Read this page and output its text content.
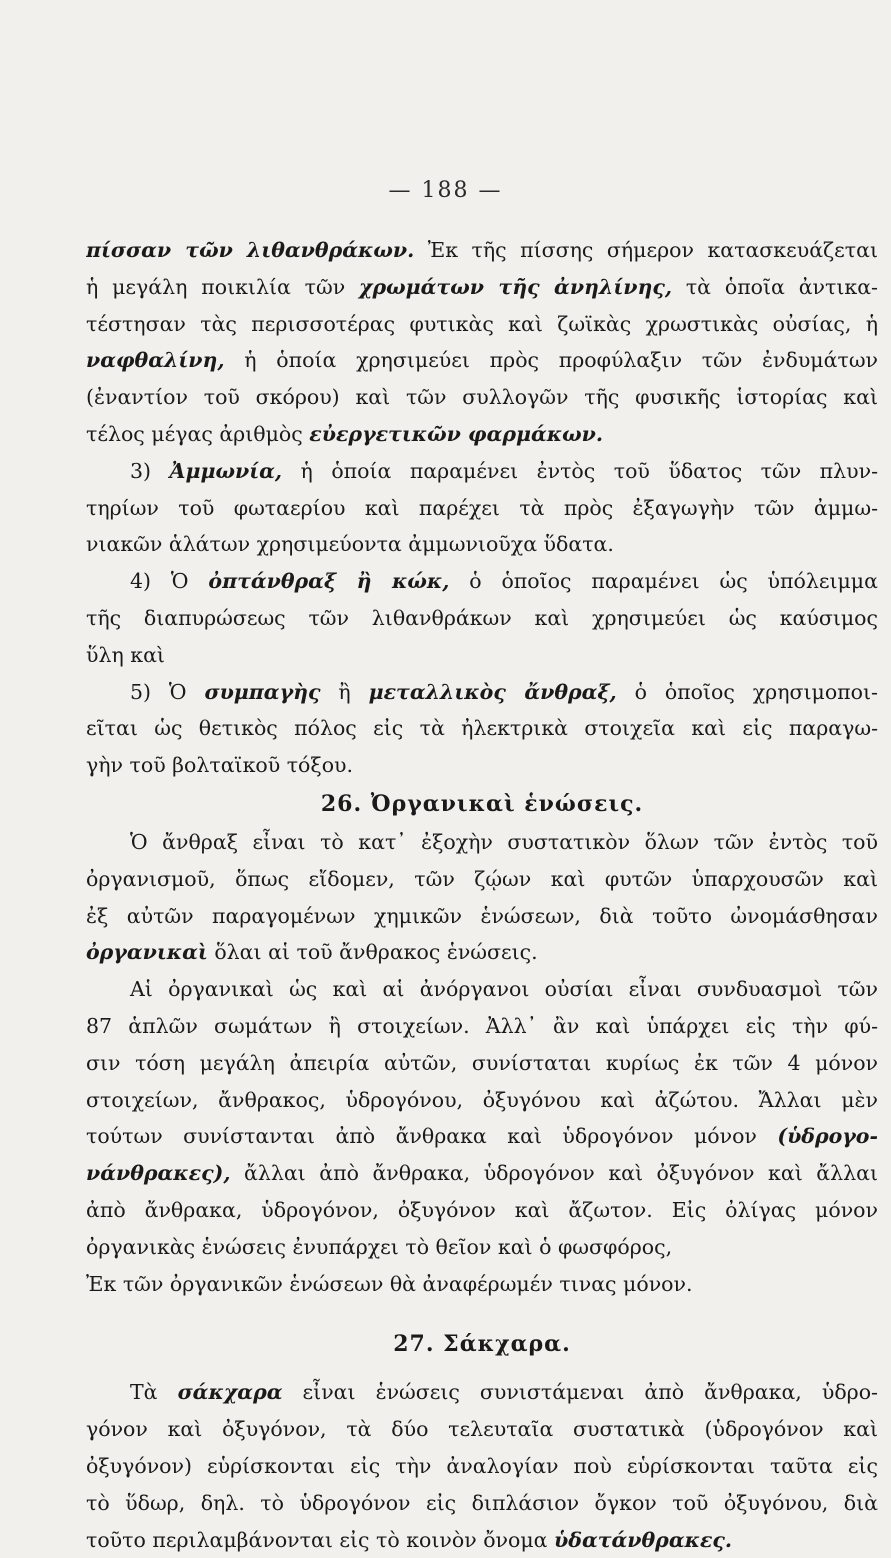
— 188 —
πίσσαν τῶν λιθανθράκων. Ἐκ τῆς πίσσης σήμερον κατασκευάζεται
ἡ μεγάλη ποικιλία τῶν χρωμάτων τῆς ἀνηλίνης, τὰ ὁποῖα ἀντικα-
τέστησαν τὰς περισσοτέρας φυτικὰς καὶ ζωϊκὰς χρωστικὰς οὐσίας, ἡ
ναφθαλίνη, ἡ ὁποία χρησιμεύει πρὸς προφύλαξιν τῶν ἐνδυμάτων
(ἐναντίον τοῦ σκόρου) καὶ τῶν συλλογῶν τῆς φυσικῆς ἱστορίας καὶ
τέλος μέγας ἀριθμὸς εὐεργετικῶν φαρμάκων.
3) Ἀμμωνία, ἡ ὁποία παραμένει ἐντὸς τοῦ ὕδατος τῶν πλυν-
τηρίων τοῦ φωταερίου καὶ παρέχει τὰ πρὸς ἐξαγωγὴν τῶν ἀμμω-
νιακῶν ἁλάτων χρησιμεύοντα ἀμμωνιοῦχα ὕδατα.
4) Ὁ ὀπτάνθραξ ἢ κώκ, ὁ ὁποῖος παραμένει ὡς ὑπόλειμμα
τῆς διαπυρώσεως τῶν λιθανθράκων καὶ χρησιμεύει ὡς καύσιμος
ὕλη καὶ
5) Ὁ συμπαγὴς ἢ μεταλλικὸς ἄνθραξ, ὁ ὁποῖος χρησιμοποι-
εῖται ὡς θετικὸς πόλος εἰς τὰ ἠλεκτρικὰ στοιχεῖα καὶ εἰς παραγω-
γὴν τοῦ βολταϊκοῦ τόξου.
26. Ὀργανικαὶ ἑνώσεις.
Ὁ ἄνθραξ εἶναι τὸ κατ᾿ ἐξοχὴν συστατικὸν ὅλων τῶν ἐντὸς τοῦ
ὀργανισμοῦ, ὅπως εἴδομεν, τῶν ζῴων καὶ φυτῶν ὑπαρχουσῶν καὶ
ἐξ αὐτῶν παραγομένων χημικῶν ἑνώσεων, διὰ τοῦτο ὠνομάσθησαν
ὀργανικαὶ ὅλαι αἱ τοῦ ἄνθρακος ἑνώσεις.
Αἱ ὀργανικαὶ ὡς καὶ αἱ ἀνόργανοι οὐσίαι εἶναι συνδυασμοὶ τῶν
87 ἁπλῶν σωμάτων ἢ στοιχείων. Ἀλλ᾿ ἂν καὶ ὑπάρχει εἰς τὴν φύ-
σιν τόση μεγάλη ἀπειρία αὐτῶν, συνίσταται κυρίως ἐκ τῶν 4 μόνον
στοιχείων, ἄνθρακος, ὑδρογόνου, ὀξυγόνου καὶ ἀζώτου. Ἄλλαι μὲν
τούτων συνίστανται ἀπὸ ἄνθρακα καὶ ὑδρογόνον μόνον (ὑδρογο-
νάνθρακες), ἄλλαι ἀπὸ ἄνθρακα, ὑδρογόνον καὶ ὀξυγόνον καὶ ἄλλαι
ἀπὸ ἄνθρακα, ὑδρογόνον, ὀξυγόνον καὶ ἄζωτον. Εἰς ὀλίγας μόνον
ὀργανικὰς ἑνώσεις ἐνυπάρχει τὸ θεῖον καὶ ὁ φωσφόρος,
Ἐκ τῶν ὀργανικῶν ἑνώσεων θὰ ἀναφέρωμέν τινας μόνον.
27. Σάκχαρα.
Τὰ σάκχαρα εἶναι ἑνώσεις συνιστάμεναι ἀπὸ ἄνθρακα, ὑδρο-
γόνον καὶ ὀξυγόνον, τὰ δύο τελευταῖα συστατικὰ (ὑδρογόνον καὶ
ὀξυγόνον) εὑρίσκονται εἰς τὴν ἀναλογίαν ποὺ εὑρίσκονται ταῦτα εἰς
τὸ ὕδωρ, δηλ. τὸ ὑδρογόνον εἰς διπλάσιον ὄγκον τοῦ ὀξυγόνου, διὰ
τοῦτο περιλαμβάνονται εἰς τὸ κοινὸν ὄνομα ὑδατάνθρακες.
